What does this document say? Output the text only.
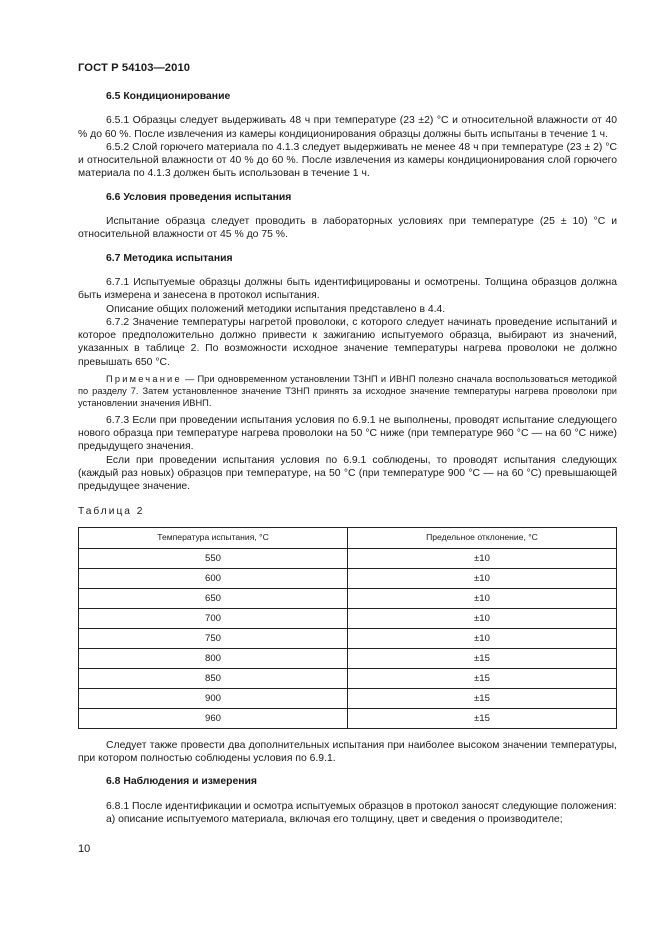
ГОСТ Р 54103—2010
6.5 Кондиционирование

6.5.1 Образцы следует выдерживать 48 ч при температуре (23 ±2) °С и относительной влажности от 40 % до 60 %. После извлечения из камеры кондиционирования образцы должны быть испытаны в течение 1 ч.

6.5.2 Слой горючего материала по 4.1.3 следует выдерживать не менее 48 ч при температуре (23 ± 2) °С и относительной влажности от 40 % до 60 %. После извлечения из камеры кондиционирования слой горючего материала по 4.1.3 должен быть использован в течение 1 ч.

6.6 Условия проведения испытания

Испытание образца следует проводить в лабораторных условиях при температуре (25 ± 10) °С и относительной влажности от 45 % до 75 %.

6.7 Методика испытания

6.7.1 Испытуемые образцы должны быть идентифицированы и осмотрены. Толщина образцов должна быть измерена и занесена в протокол испытания.

Описание общих положений методики испытания представлено в 4.4.

6.7.2 Значение температуры нагретой проволоки, с которого следует начинать проведение испытаний и которое предположительно должно привести к зажиганию испытуемого образца, выбирают из значений, указанных в таблице 2. По возможности исходное значение температуры нагрева проволоки не должно превышать 650 °С.

Примечание — При одновременном установлении ТЗНП и ИВНП полезно сначала воспользоваться методикой по разделу 7. Затем установленное значение ТЗНП принять за исходное значение температуры нагрева проволоки при установлении значения ИВНП.

6.7.3 Если при проведении испытания условия по 6.9.1 не выполнены, проводят испытание следующего нового образца при температуре нагрева проволоки на 50 °С ниже (при температуре 960 °С — на 60 °С ниже) предыдущего значения.

Если при проведении испытания условия по 6.9.1 соблюдены, то проводят испытания следующих (каждый раз новых) образцов при температуре, на 50 °С (при температуре 900 °С — на 60 °С) превышающей предыдущее значение.

Таблица 2
Температура испытания, °С	Предельное отклонение, °С
550	±10
600	±10
650	±10
700	±10
750	±10
800	±15
850	±15
900	±15
960	±15

Следует также провести два дополнительных испытания при наиболее высоком значении температуры, при котором полностью соблюдены условия по 6.9.1.

6.8 Наблюдения и измерения

6.8.1 После идентификации и осмотра испытуемых образцов в протокол заносят следующие положения:

а) описание испытуемого материала, включая его толщину, цвет и сведения о производителе;

10
